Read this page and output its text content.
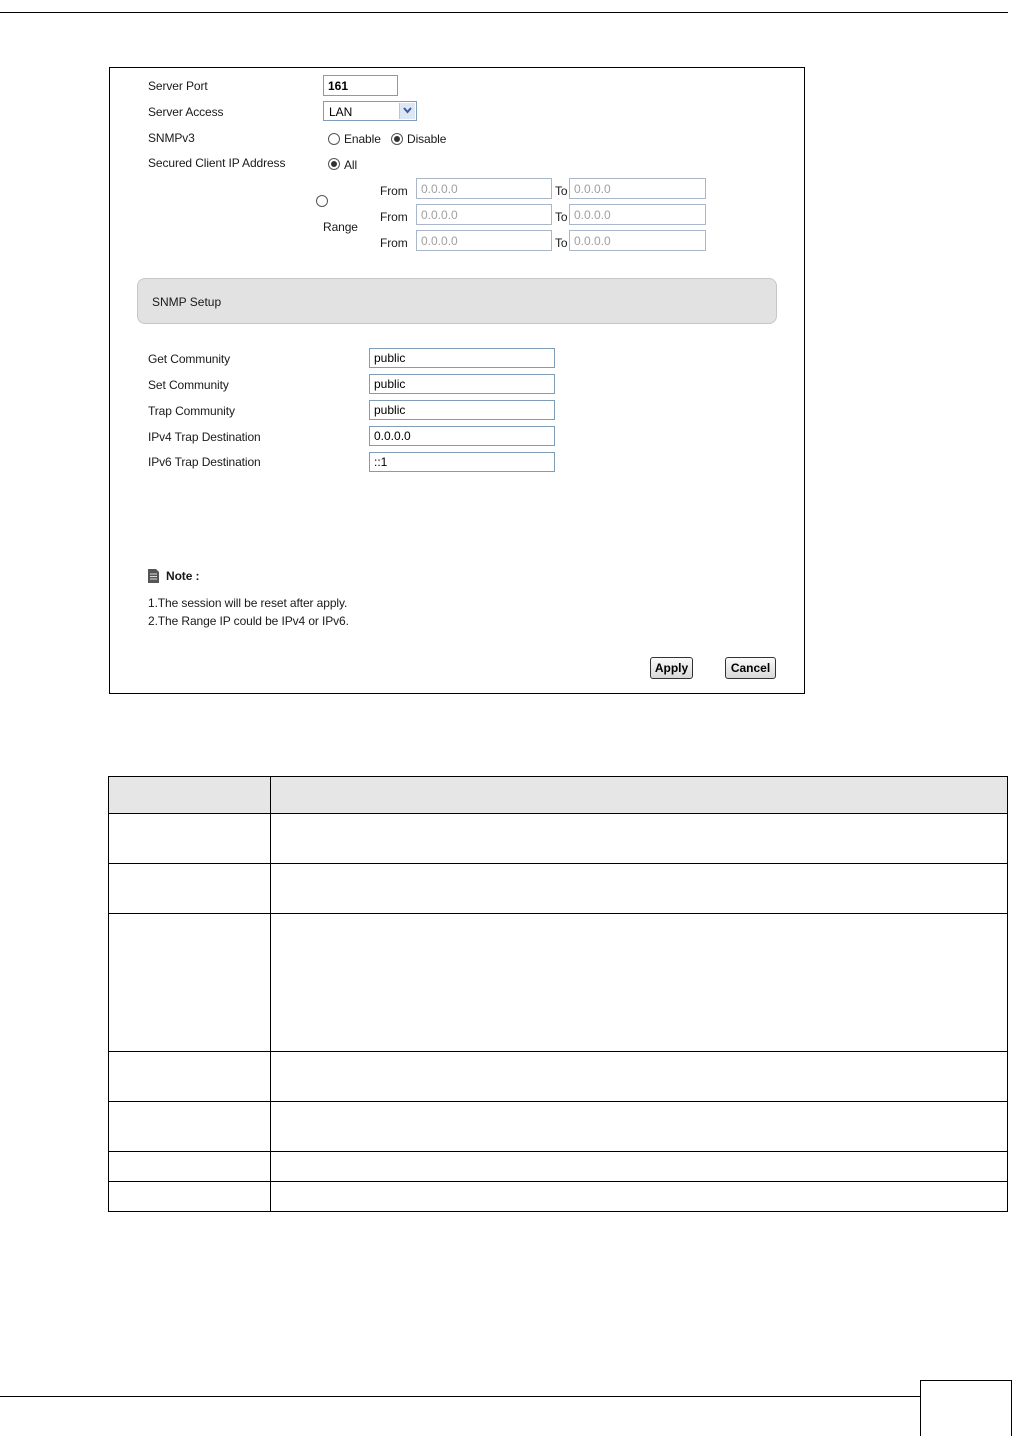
Server Port	161
Server Access	LAN
SNMPv3	Enable Disable
Secured Client IP Address	All
Range
From	0.0.0.0	To 0.0.0.0
From	0.0.0.0	To 0.0.0.0
From	0.0.0.0	To 0.0.0.0
SNMP Setup
Get Community	public
Set Community	public
Trap Community	public
IPv4 Trap Destination	0.0.0.0
IPv6 Trap Destination	::1
Note :
1.The session will be reset after apply.
2.The Range IP could be IPv4 or IPv6.
Apply	Cancel
